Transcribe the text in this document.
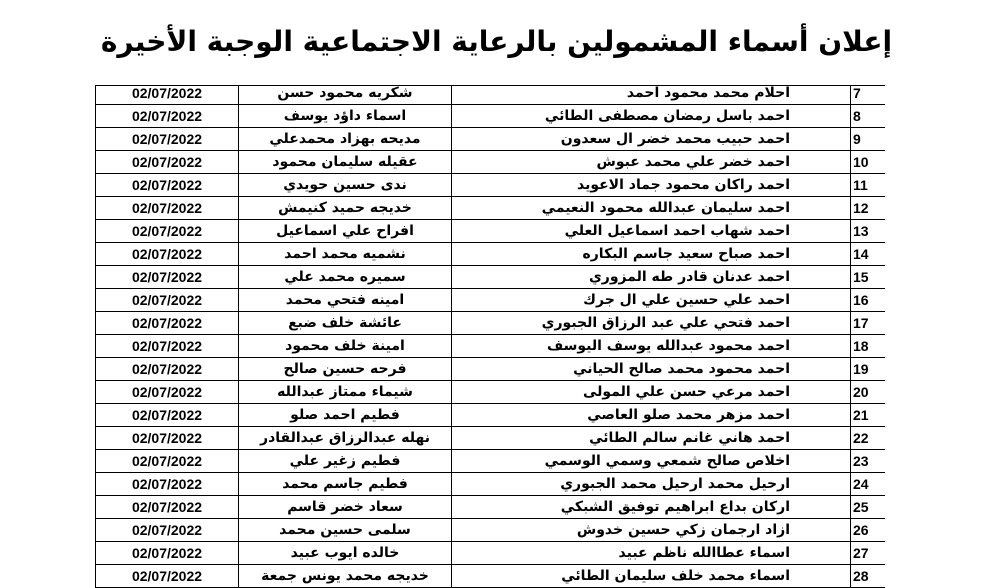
إعلان أسماء المشمولين بالرعاية الاجتماعية الوجبة الأخيرة
7	احلام محمد محمود احمد	شكريه محمود حسن	02/07/2022
8	احمد باسل رمضان مصطفى الطائي	اسماء داؤد يوسف	02/07/2022
9	احمد حبيب محمد خضر ال سعدون	مديحه بهزاد محمدعلي	02/07/2022
10	احمد خضر علي محمد عبوش	عقيله سليمان محمود	02/07/2022
11	احمد راكان محمود جماد الاعويد	ندى حسين حويدي	02/07/2022
12	احمد سليمان عبدالله محمود النعيمي	خديجه حميد كنيمش	02/07/2022
13	احمد شهاب احمد اسماعيل العلي	افراح علي اسماعيل	02/07/2022
14	احمد صباح سعيد جاسم البكاره	نشميه محمد احمد	02/07/2022
15	احمد عدنان قادر طه المزوري	سميره محمد علي	02/07/2022
16	احمد علي حسين علي ال جرك	امينه فتحي محمد	02/07/2022
17	احمد فتحي علي عبد الرزاق الجبوري	عائشة خلف ضبع	02/07/2022
18	احمد محمود عبدالله يوسف اليوسف	امينة خلف محمود	02/07/2022
19	احمد محمود محمد صالح الحياني	فرحه حسين صالح	02/07/2022
20	احمد مرعي حسن علي المولى	شيماء ممتاز عبدالله	02/07/2022
21	احمد مزهر محمد صلو العاصي	فطيم احمد صلو	02/07/2022
22	احمد هاني غانم سالم الطائي	نهله عبدالرزاق عبدالقادر	02/07/2022
23	اخلاص صالح شمعي وسمي الوسمي	فطيم زغير علي	02/07/2022
24	ارحيل محمد ارحيل محمد الجبوري	فطيم جاسم محمد	02/07/2022
25	اركان بداع ابراهيم توفيق الشبكي	سعاد خضر قاسم	02/07/2022
26	ازاد ارجمان زكي حسين خدوش	سلمى حسين محمد	02/07/2022
27	اسماء عطاالله ناظم عبيد	خالده ايوب عبيد	02/07/2022
28	اسماء محمد خلف سليمان الطائي	خديجه محمد يونس جمعة	02/07/2022
